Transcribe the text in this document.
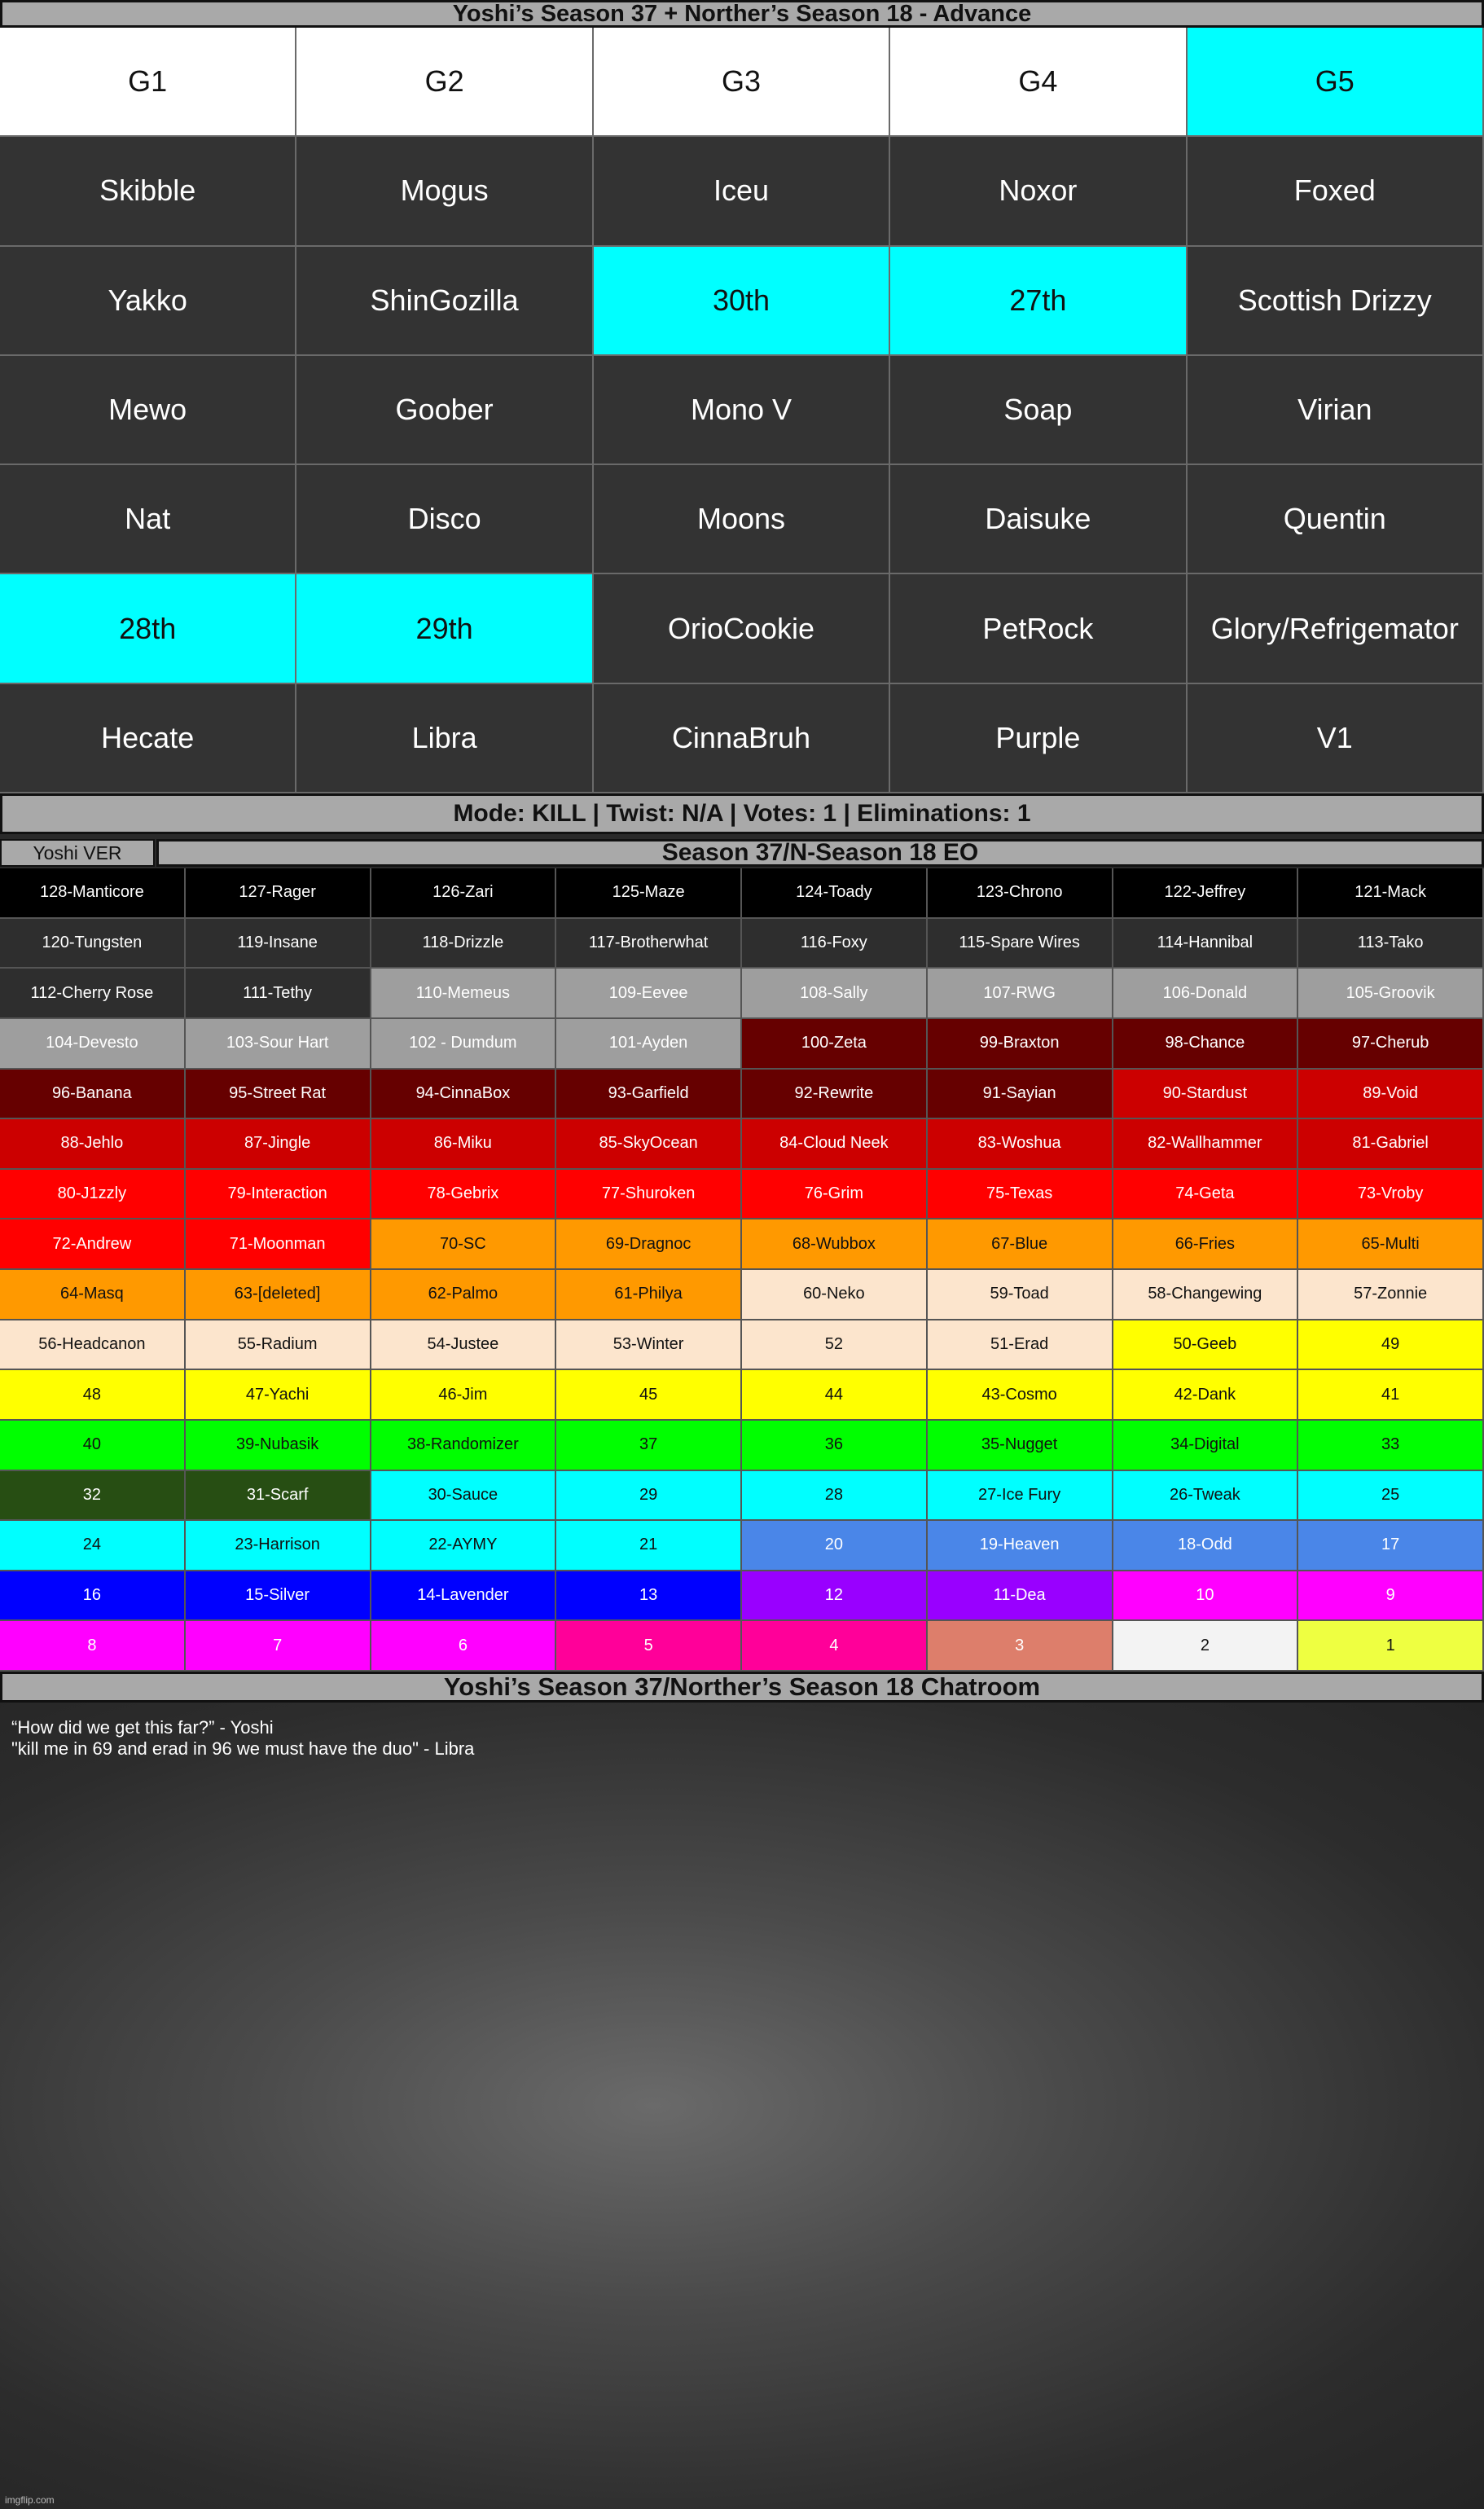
Yoshi’s Season 37 + Norther’s Season 18 - Advance
G1	G2	G3	G4	G5
Skibble	Mogus	Iceu	Noxor	Foxed
Yakko	ShinGozilla	30th	27th	Scottish Drizzy
Mewo	Goober	Mono V	Soap	Virian
Nat	Disco	Moons	Daisuke	Quentin
28th	29th	OrioCookie	PetRock	Glory/Refrigemator
Hecate	Libra	CinnaBruh	Purple	V1
Mode: KILL | Twist: N/A | Votes: 1 | Eliminations: 1
Yoshi VER	Season 37/N-Season 18 EO
128-Manticore	127-Rager	126-Zari	125-Maze	124-Toady	123-Chrono	122-Jeffrey	121-Mack
120-Tungsten	119-Insane	118-Drizzle	117-Brotherwhat	116-Foxy	115-Spare Wires	114-Hannibal	113-Tako
112-Cherry Rose	111-Tethy	110-Memeus	109-Eevee	108-Sally	107-RWG	106-Donald	105-Groovik
104-Devesto	103-Sour Hart	102 - Dumdum	101-Ayden	100-Zeta	99-Braxton	98-Chance	97-Cherub
96-Banana	95-Street Rat	94-CinnaBox	93-Garfield	92-Rewrite	91-Sayian	90-Stardust	89-Void
88-Jehlo	87-Jingle	86-Miku	85-SkyOcean	84-Cloud Neek	83-Woshua	82-Wallhammer	81-Gabriel
80-J1zzly	79-Interaction	78-Gebrix	77-Shuroken	76-Grim	75-Texas	74-Geta	73-Vroby
72-Andrew	71-Moonman	70-SC	69-Dragnoc	68-Wubbox	67-Blue	66-Fries	65-Multi
64-Masq	63-[deleted]	62-Palmo	61-Philya	60-Neko	59-Toad	58-Changewing	57-Zonnie
56-Headcanon	55-Radium	54-Justee	53-Winter	52	51-Erad	50-Geeb	49
48	47-Yachi	46-Jim	45	44	43-Cosmo	42-Dank	41
40	39-Nubasik	38-Randomizer	37	36	35-Nugget	34-Digital	33
32	31-Scarf	30-Sauce	29	28	27-Ice Fury	26-Tweak	25
24	23-Harrison	22-AYMY	21	20	19-Heaven	18-Odd	17
16	15-Silver	14-Lavender	13	12	11-Dea	10	9
8	7	6	5	4	3	2	1
Yoshi’s Season 37/Norther’s Season 18 Chatroom
“How did we get this far?” - Yoshi
"kill me in 69 and erad in 96 we must have the duo" - Libra
imgflip.com
